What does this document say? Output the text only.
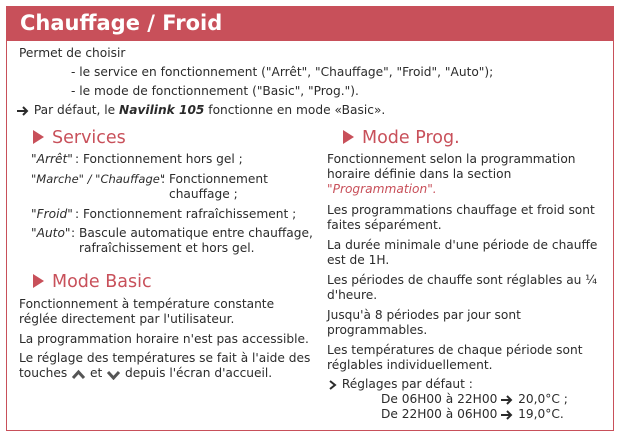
Chauffage / Froid
Permet de choisir
- le service en fonctionnement ("Arrêt", "Chauffage", "Froid", "Auto");
- le mode de fonctionnement ("Basic", "Prog.").
Par défaut, le Navilink 105 fonctionne en mode «Basic».
Services
"Arrêt" : Fonctionnement hors gel ;
"Marche" / "Chauffage"
: Fonctionnement
chauffage ;
"Froid" : Fonctionnement rafraîchissement ;
"Auto" : Bascule automatique entre chauffage,
rafraîchissement et hors gel.
Mode Basic
Fonctionnement à température constante
réglée directement par l'utilisateur.
La programmation horaire n'est pas accessible.
Le réglage des températures se fait à l'aide des
touches et depuis l'écran d'accueil.
Mode Prog.
Fonctionnement selon la programmation
horaire définie dans la section
"Programmation".
Les programmations chauffage et froid sont
faites séparément.
La durée minimale d'une période de chauffe
est de 1H.
Les périodes de chauffe sont réglables au ¼
d'heure.
Jusqu'à 8 périodes par jour sont
programmables.
Les températures de chaque période sont
réglables individuellement.
Réglages par défaut :
De 06H00 à 22H00 20,0°C ;
De 22H00 à 06H00 19,0°C.
